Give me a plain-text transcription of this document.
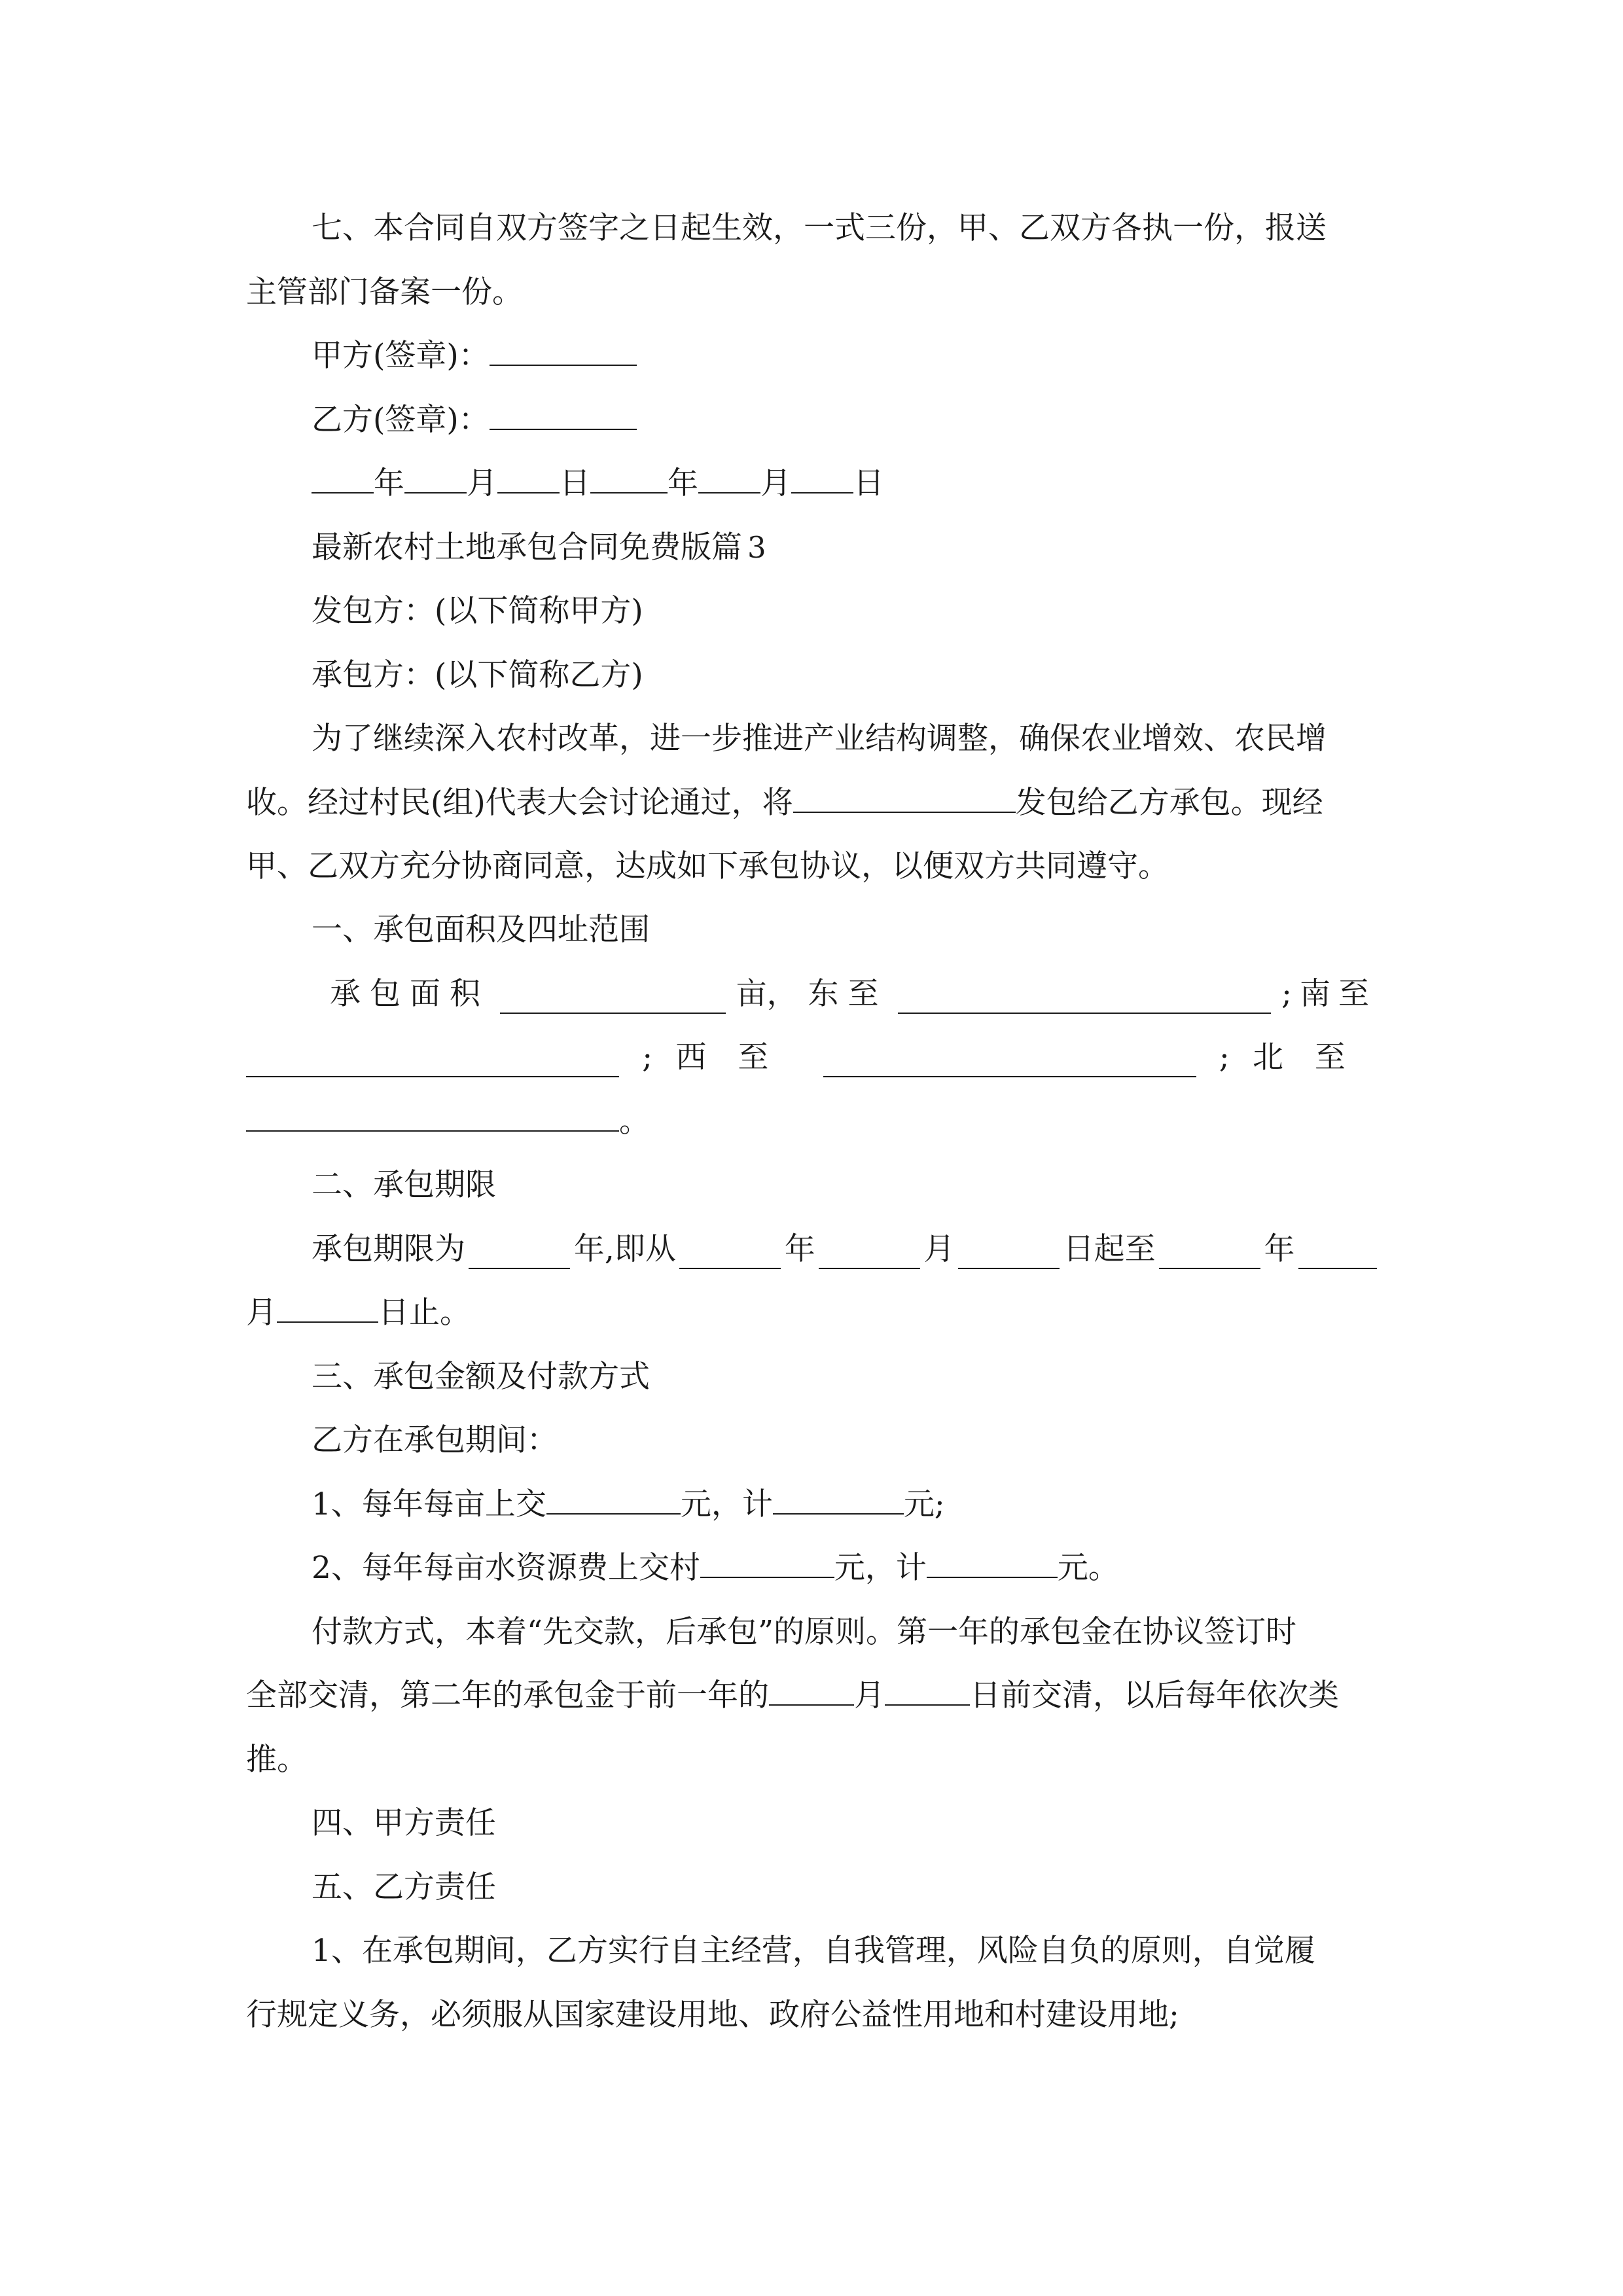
七、本合同自双方签字之日起生效，一式三份，甲、乙双方各执一份，报送
主管部门备案一份。
甲方(签章)：
乙方(签章)：
年 月 日	年 月 日
最新农村土地承包合同免费版篇 3
发包方：(以下简称甲方)
承包方：(以下简称乙方)
为了继续深入农村改革，进一步推进产业结构调整，确保农业增效、农民增
收。经过村民(组)代表大会讨论通过，将	发包给乙方承包。现经
甲、乙双方充分协商同意，达成如下承包协议，以便双方共同遵守。
一、承包面积及四址范围
承包面积	亩， 东至	;南至
; 西至	; 北至
。
二、承包期限
承包期限为	年,即从	年	月	日起至	年
月	日止。
三、承包金额及付款方式
乙方在承包期间：
1、每年每亩上交	元，计	元;
2、每年每亩水资源费上交村	元，计	元。
付款方式，本着“先交款，后承包”的原则。第一年的承包金在协议签订时
全部交清，第二年的承包金于前一年的	月	日前交清，以后每年依次类
推。
四、甲方责任
五、乙方责任
1、在承包期间，乙方实行自主经营，自我管理，风险自负的原则，自觉履
行规定义务，必须服从国家建设用地、政府公益性用地和村建设用地;
